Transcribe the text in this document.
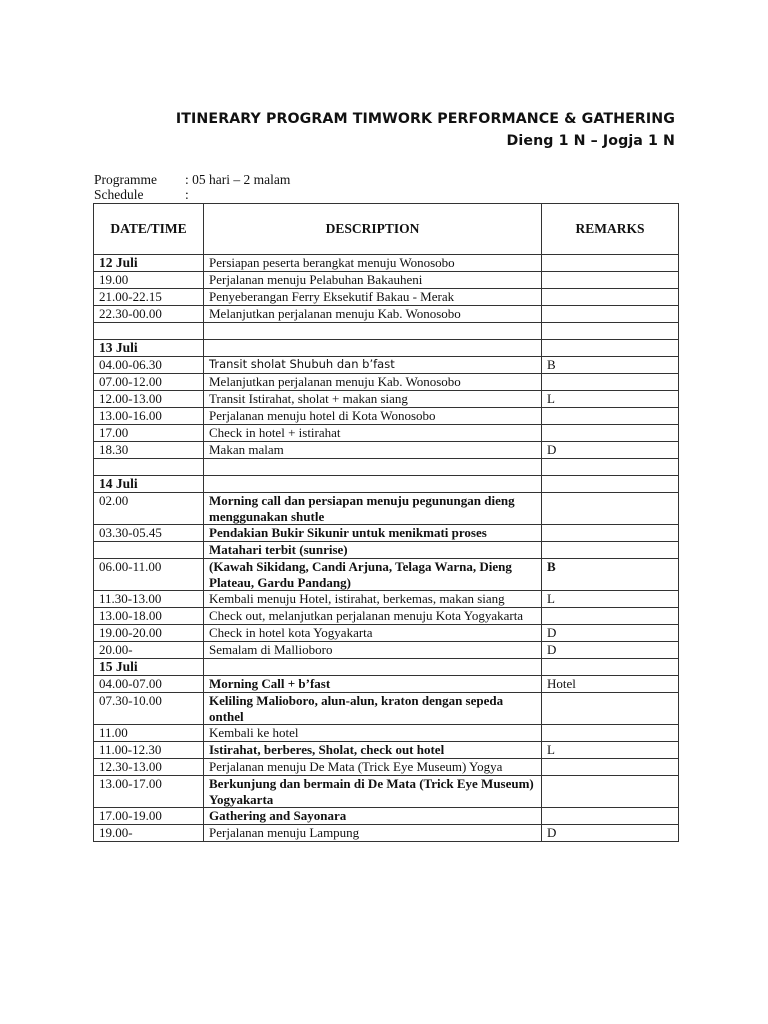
ITINERARY PROGRAM TIMWORK PERFORMANCE & GATHERING
Dieng 1 N – Jogja 1 N
Programme	: 05 hari – 2 malam
Schedule	:
DATE/TIME	DESCRIPTION	REMARKS
12 Juli	Persiapan peserta berangkat menuju Wonosobo	
19.00	Perjalanan menuju Pelabuhan Bakauheni	
21.00-22.15	Penyeberangan Ferry Eksekutif Bakau - Merak	
22.30-00.00	Melanjutkan perjalanan menuju Kab. Wonosobo	

13 Juli		
04.00-06.30	Transit sholat Shubuh dan b’fast	B
07.00-12.00	Melanjutkan perjalanan menuju Kab. Wonosobo	
12.00-13.00	Transit Istirahat, sholat + makan siang	L
13.00-16.00	Perjalanan menuju hotel di Kota Wonosobo	
17.00	Check in hotel + istirahat	
18.30	Makan malam	D

14 Juli		
02.00	Morning call dan persiapan menuju pegunungan dieng menggunakan shutle	
03.30-05.45	Pendakian Bukir Sikunir untuk menikmati proses	
	Matahari terbit (sunrise)	
06.00-11.00	(Kawah Sikidang, Candi Arjuna, Telaga Warna, Dieng Plateau, Gardu Pandang)	B
11.30-13.00	Kembali menuju Hotel, istirahat, berkemas, makan siang	L
13.00-18.00	Check out, melanjutkan perjalanan menuju Kota Yogyakarta	
19.00-20.00	Check in hotel kota Yogyakarta	D
20.00-	Semalam di Mallioboro	D
15 Juli		
04.00-07.00	Morning Call + b’fast	Hotel
07.30-10.00	Keliling Malioboro, alun-alun, kraton dengan sepeda onthel	
11.00	Kembali ke hotel	
11.00-12.30	Istirahat, berberes, Sholat, check out hotel	L
12.30-13.00	Perjalanan menuju De Mata (Trick Eye Museum) Yogya	
13.00-17.00	Berkunjung dan bermain di De Mata (Trick Eye Museum) Yogyakarta	
17.00-19.00	Gathering and Sayonara	
19.00-	Perjalanan menuju Lampung	D
